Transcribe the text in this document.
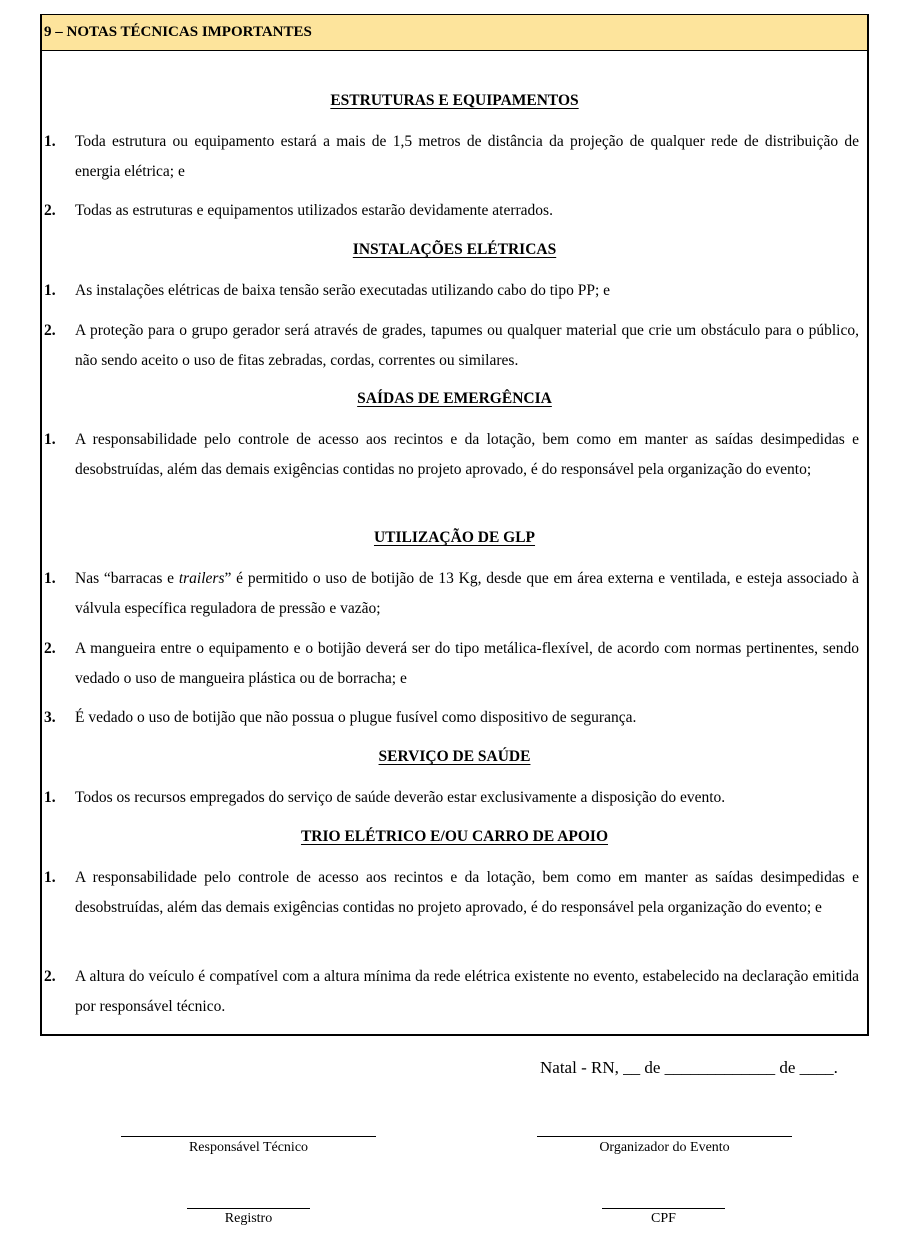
9 – NOTAS TÉCNICAS IMPORTANTES
ESTRUTURAS E EQUIPAMENTOS
1. Toda estrutura ou equipamento estará a mais de 1,5 metros de distância da projeção de qualquer rede de distribuição de energia elétrica; e
2. Todas as estruturas e equipamentos utilizados estarão devidamente aterrados.
INSTALAÇÕES ELÉTRICAS
1. As instalações elétricas de baixa tensão serão executadas utilizando cabo do tipo PP; e
2. A proteção para o grupo gerador será através de grades, tapumes ou qualquer material que crie um obstáculo para o público, não sendo aceito o uso de fitas zebradas, cordas, correntes ou similares.
SAÍDAS DE EMERGÊNCIA
1. A responsabilidade pelo controle de acesso aos recintos e da lotação, bem como em manter as saídas desimpedidas e desobstruídas, além das demais exigências contidas no projeto aprovado, é do responsável pela organização do evento;
UTILIZAÇÃO DE GLP
1. Nas “barracas e trailers” é permitido o uso de botijão de 13 Kg, desde que em área externa e ventilada, e esteja associado à válvula específica reguladora de pressão e vazão;
2. A mangueira entre o equipamento e o botijão deverá ser do tipo metálica-flexível, de acordo com normas pertinentes, sendo vedado o uso de mangueira plástica ou de borracha; e
3. É vedado o uso de botijão que não possua o plugue fusível como dispositivo de segurança.
SERVIÇO DE SAÚDE
1. Todos os recursos empregados do serviço de saúde deverão estar exclusivamente a disposição do evento.
TRIO ELÉTRICO E/OU CARRO DE APOIO
1. A responsabilidade pelo controle de acesso aos recintos e da lotação, bem como em manter as saídas desimpedidas e desobstruídas, além das demais exigências contidas no projeto aprovado, é do responsável pela organização do evento; e
2. A altura do veículo é compatível com a altura mínima da rede elétrica existente no evento, estabelecido na declaração emitida por responsável técnico.
Natal - RN, __ de _____________ de ____.
Responsável Técnico	Organizador do Evento
Registro	CPF
